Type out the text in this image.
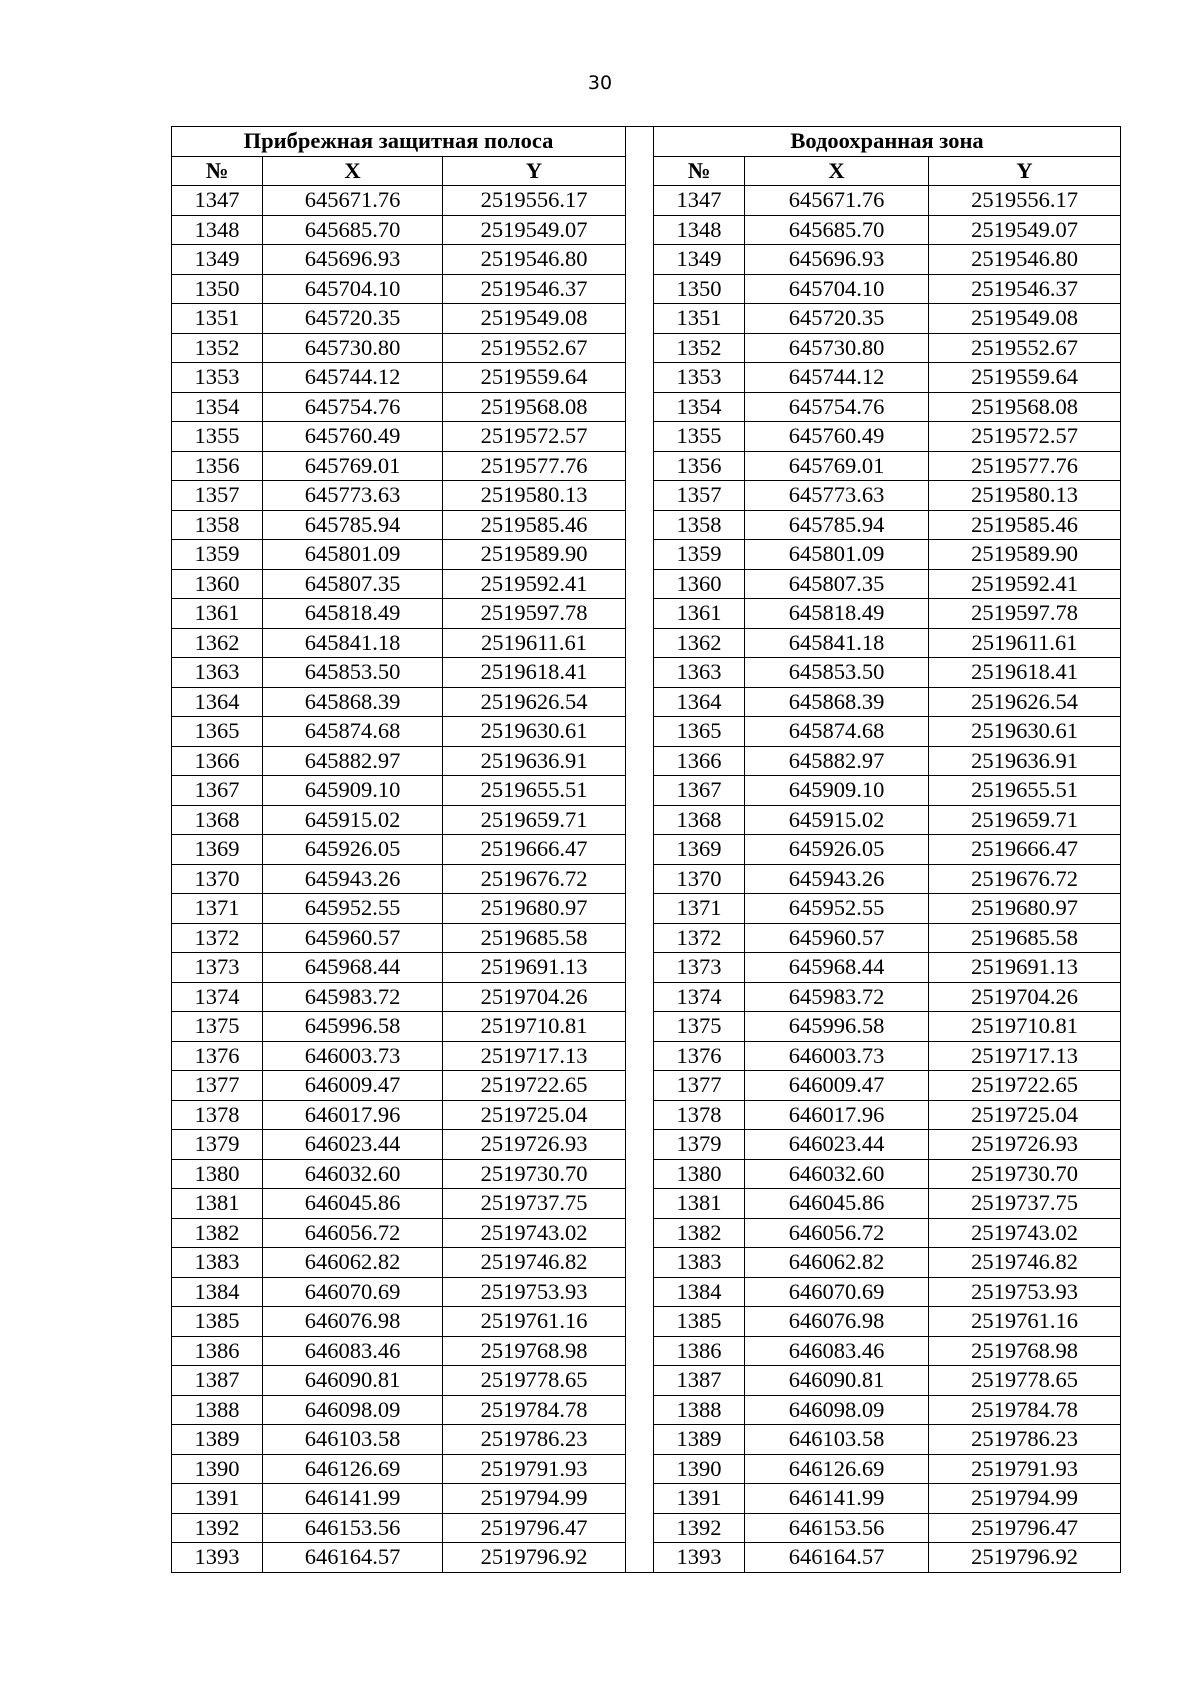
30
Прибрежная защитная полоса				Водоохранная зона		
№	X	Y		№	X	Y
1347	645671.76	2519556.17		1347	645671.76	2519556.17
1348	645685.70	2519549.07		1348	645685.70	2519549.07
1349	645696.93	2519546.80		1349	645696.93	2519546.80
1350	645704.10	2519546.37		1350	645704.10	2519546.37
1351	645720.35	2519549.08		1351	645720.35	2519549.08
1352	645730.80	2519552.67		1352	645730.80	2519552.67
1353	645744.12	2519559.64		1353	645744.12	2519559.64
1354	645754.76	2519568.08		1354	645754.76	2519568.08
1355	645760.49	2519572.57		1355	645760.49	2519572.57
1356	645769.01	2519577.76		1356	645769.01	2519577.76
1357	645773.63	2519580.13		1357	645773.63	2519580.13
1358	645785.94	2519585.46		1358	645785.94	2519585.46
1359	645801.09	2519589.90		1359	645801.09	2519589.90
1360	645807.35	2519592.41		1360	645807.35	2519592.41
1361	645818.49	2519597.78		1361	645818.49	2519597.78
1362	645841.18	2519611.61		1362	645841.18	2519611.61
1363	645853.50	2519618.41		1363	645853.50	2519618.41
1364	645868.39	2519626.54		1364	645868.39	2519626.54
1365	645874.68	2519630.61		1365	645874.68	2519630.61
1366	645882.97	2519636.91		1366	645882.97	2519636.91
1367	645909.10	2519655.51		1367	645909.10	2519655.51
1368	645915.02	2519659.71		1368	645915.02	2519659.71
1369	645926.05	2519666.47		1369	645926.05	2519666.47
1370	645943.26	2519676.72		1370	645943.26	2519676.72
1371	645952.55	2519680.97		1371	645952.55	2519680.97
1372	645960.57	2519685.58		1372	645960.57	2519685.58
1373	645968.44	2519691.13		1373	645968.44	2519691.13
1374	645983.72	2519704.26		1374	645983.72	2519704.26
1375	645996.58	2519710.81		1375	645996.58	2519710.81
1376	646003.73	2519717.13		1376	646003.73	2519717.13
1377	646009.47	2519722.65		1377	646009.47	2519722.65
1378	646017.96	2519725.04		1378	646017.96	2519725.04
1379	646023.44	2519726.93		1379	646023.44	2519726.93
1380	646032.60	2519730.70		1380	646032.60	2519730.70
1381	646045.86	2519737.75		1381	646045.86	2519737.75
1382	646056.72	2519743.02		1382	646056.72	2519743.02
1383	646062.82	2519746.82		1383	646062.82	2519746.82
1384	646070.69	2519753.93		1384	646070.69	2519753.93
1385	646076.98	2519761.16		1385	646076.98	2519761.16
1386	646083.46	2519768.98		1386	646083.46	2519768.98
1387	646090.81	2519778.65		1387	646090.81	2519778.65
1388	646098.09	2519784.78		1388	646098.09	2519784.78
1389	646103.58	2519786.23		1389	646103.58	2519786.23
1390	646126.69	2519791.93		1390	646126.69	2519791.93
1391	646141.99	2519794.99		1391	646141.99	2519794.99
1392	646153.56	2519796.47		1392	646153.56	2519796.47
1393	646164.57	2519796.92		1393	646164.57	2519796.92
